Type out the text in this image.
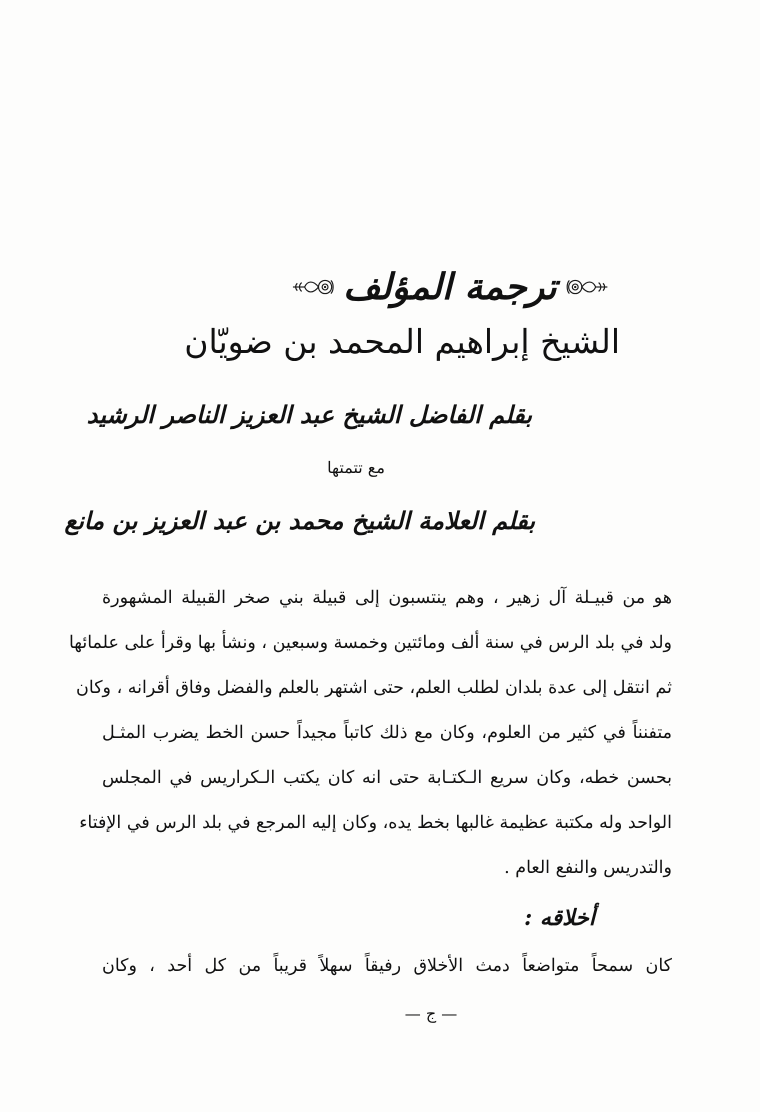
ترجمة المؤلف
الشيخ إبراهيم المحمد بن ضويّان
بقلم الفاضل الشيخ عبد العزيز الناصر الرشيد
مع تتمتها
بقلم العلامة الشيخ محمد بن عبد العزيز بن مانع
هو من قبيـلة آل زهير ، وهم ينتسبون إلى قبيلة بني صخر القبيلة المشهورة
ولد في بلد الرس في سنة ألف ومائتين وخمسة وسبعين ، ونشأ بها وقرأ على علمائها
ثم انتقل إلى عدة بلدان لطلب العلم، حتى اشتهر بالعلم والفضل وفاق أقرانه ، وكان
متفنناً في كثير من العلوم، وكان مع ذلك كاتباً مجيداً حسن الخط يضرب المثـل
بحسن خطه، وكان سريع الـكتـابة حتى انه كان يكتب الـكراريس في المجلس
الواحد وله مكتبة عظيمة غالبها بخط يده، وكان إليه المرجع في بلد الرس في الإفتاء
والتدريس والنفع العام .
أخلاقه :
كان سمحاً متواضعاً دمث الأخلاق رفيقاً سهلاً قريباً من كل أحد ، وكان
— ج —
